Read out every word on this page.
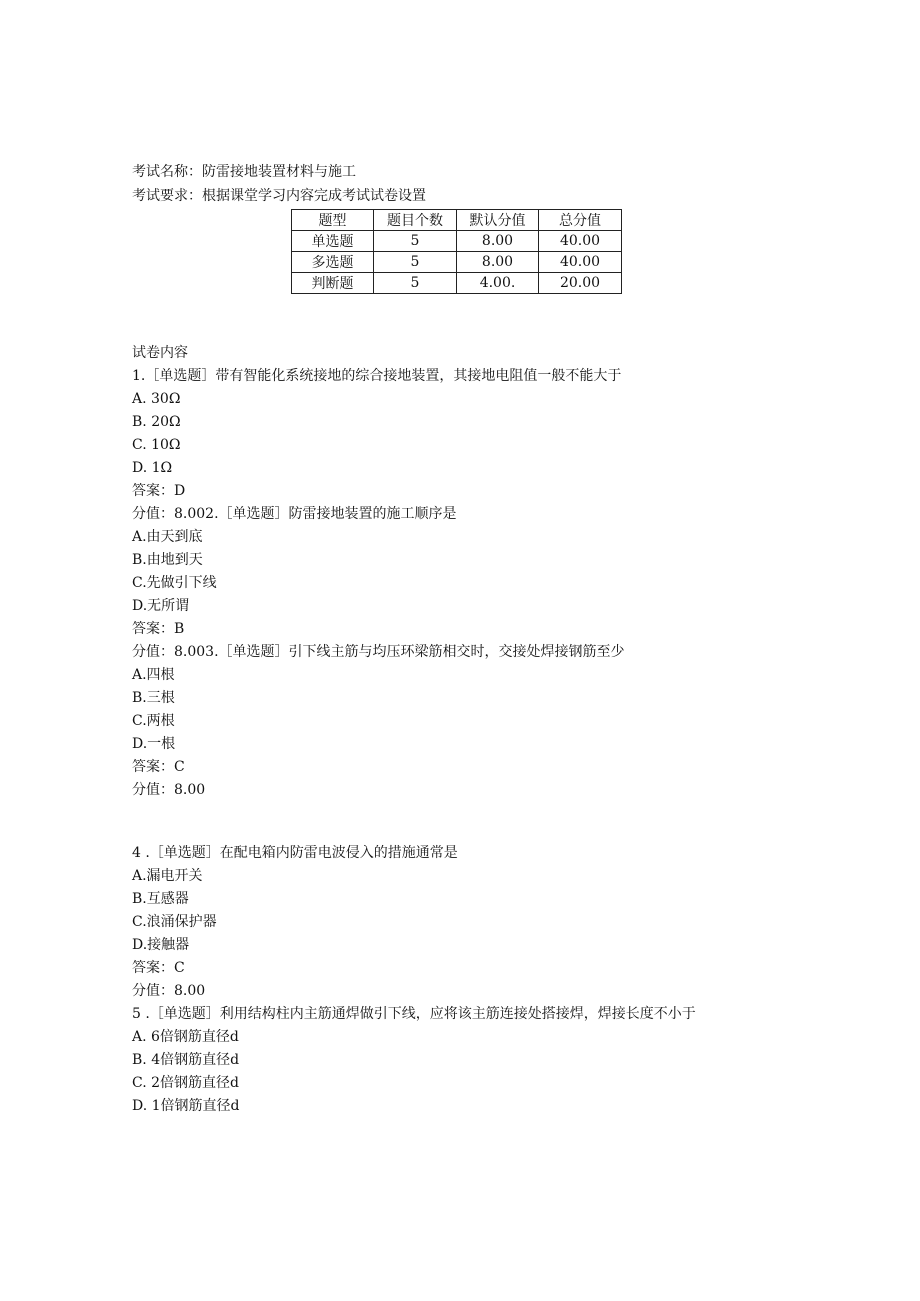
考试名称：防雷接地装置材料与施工
考试要求：根据课堂学习内容完成考试试卷设置
题型	题目个数	默认分值	总分值
单选题	5	8.00	40.00
多选题	5	8.00	40.00
判断题	5	4.00.	20.00
试卷内容
1.［单选题］带有智能化系统接地的综合接地装置，其接地电阻值一般不能大于
A. 30Ω
B. 20Ω
C. 10Ω
D. 1Ω
答案：D
分值：8.002.［单选题］防雷接地装置的施工顺序是
A.由天到底
B.由地到天
C.先做引下线
D.无所谓
答案：B
分值：8.003.［单选题］引下线主筋与均压环梁筋相交时，交接处焊接钢筋至少
A.四根
B.三根
C.两根
D.一根
答案：C
分值：8.00
4 .［单选题］在配电箱内防雷电波侵入的措施通常是
A.漏电开关
B.互感器
C.浪涌保护器
D.接触器
答案：C
分值：8.00
5 .［单选题］利用结构柱内主筋通焊做引下线，应将该主筋连接处搭接焊，焊接长度不小于
A. 6倍钢筋直径d
B. 4倍钢筋直径d
C. 2倍钢筋直径d
D. 1倍钢筋直径d
